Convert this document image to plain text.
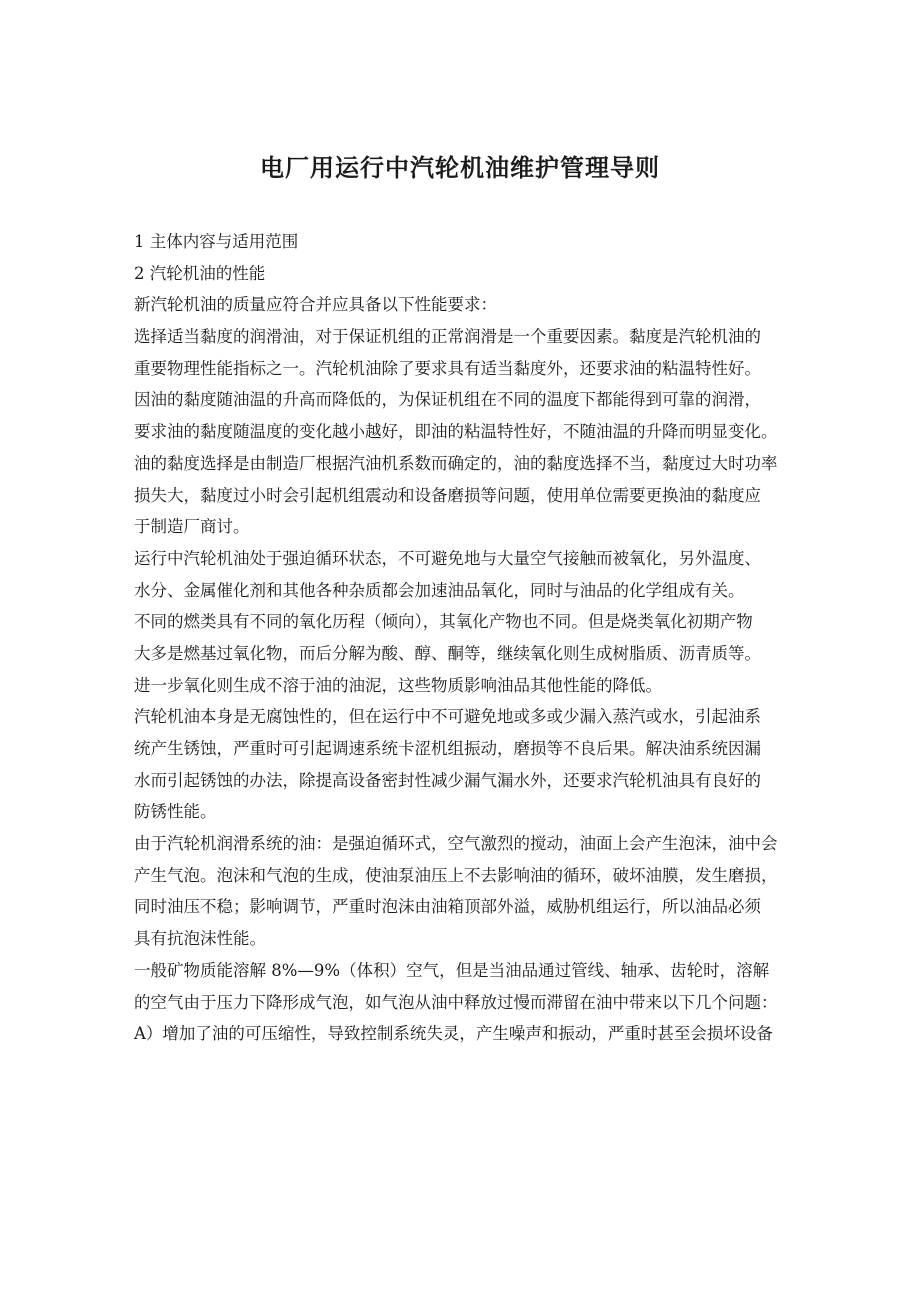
电厂用运行中汽轮机油维护管理导则
1 主体内容与适用范围
2 汽轮机油的性能
新汽轮机油的质量应符合并应具备以下性能要求：
选择适当黏度的润滑油，对于保证机组的正常润滑是一个重要因素。黏度是汽轮机油的
重要物理性能指标之一。汽轮机油除了要求具有适当黏度外，还要求油的粘温特性好。
因油的黏度随油温的升高而降低的，为保证机组在不同的温度下都能得到可靠的润滑，
要求油的黏度随温度的变化越小越好，即油的粘温特性好，不随油温的升降而明显变化。
油的黏度选择是由制造厂根据汽油机系数而确定的，油的黏度选择不当，黏度过大时功率
损失大，黏度过小时会引起机组震动和设备磨损等问题，使用单位需要更换油的黏度应
于制造厂商讨。
运行中汽轮机油处于强迫循环状态，不可避免地与大量空气接触而被氧化，另外温度、
水分、金属催化剂和其他各种杂质都会加速油品氧化，同时与油品的化学组成有关。
不同的燃类具有不同的氧化历程（倾向），其氧化产物也不同。但是烧类氧化初期产物
大多是燃基过氧化物，而后分解为酸、醇、酮等，继续氧化则生成树脂质、沥青质等。
进一步氧化则生成不溶于油的油泥，这些物质影响油品其他性能的降低。
汽轮机油本身是无腐蚀性的，但在运行中不可避免地或多或少漏入蒸汽或水，引起油系
统产生锈蚀，严重时可引起调速系统卡涩机组振动，磨损等不良后果。解决油系统因漏
水而引起锈蚀的办法，除提高设备密封性减少漏气漏水外，还要求汽轮机油具有良好的
防锈性能。
由于汽轮机润滑系统的油：是强迫循环式，空气激烈的搅动，油面上会产生泡沫，油中会
产生气泡。泡沫和气泡的生成，使油泵油压上不去影响油的循环，破坏油膜，发生磨损，
同时油压不稳；影响调节，严重时泡沫由油箱顶部外溢，威胁机组运行，所以油品必须
具有抗泡沫性能。
一般矿物质能溶解 8%—9%（体积）空气，但是当油品通过管线、轴承、齿轮时，溶解
的空气由于压力下降形成气泡，如气泡从油中释放过慢而滞留在油中带来以下几个问题：
A）增加了油的可压缩性，导致控制系统失灵，产生噪声和振动，严重时甚至会损坏设备
